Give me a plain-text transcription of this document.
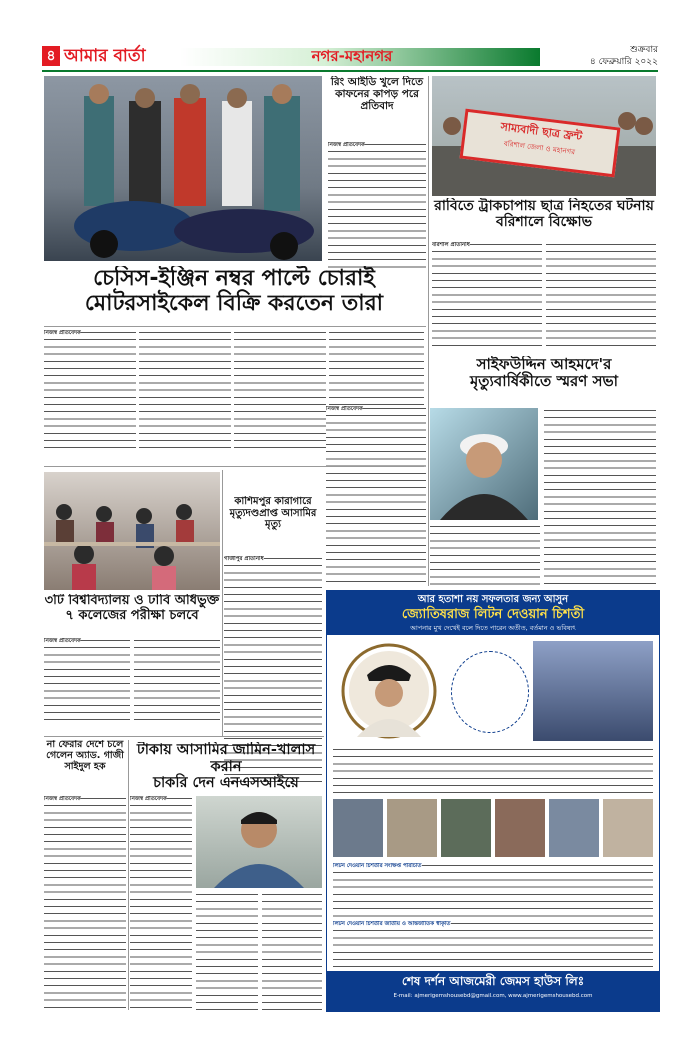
৪ আমার বার্তা	নগর-মহানগর	শুক্রবার
৪ ফেব্রুয়ারি ২০২২
রিং আইডি খুলে দিতে কাফনের কাপড় পরে প্রতিবাদ
নিজস্ব প্রতিবেদক
সাম্যবাদী ছাত্র ফ্রন্ট
বরিশাল জেলা ও মহানগর
রাবিতে ট্রাকচাপায় ছাত্র নিহতের ঘটনায় বরিশালে বিক্ষোভ
বরিশাল প্রতিনিধি
চেসিস-ইঞ্জিন নম্বর পাল্টে চোরাই
মোটরসাইকেল বিক্রি করতেন তারা
নিজস্ব প্রতিবেদক
সাইফউদ্দিন আহমদে'র
মৃত্যুবার্ষিকীতে স্মরণ সভা
নিজস্ব প্রতিবেদক
কাশিমপুর কারাগারে মৃত্যুদণ্ডপ্রাপ্ত আসামির মৃত্যু
গাজীপুর প্রতিনিধি
৩টি বিশ্ববিদ্যালয় ও ঢাবি অধিভুক্ত
৭ কলেজের পরীক্ষা চলবে
নিজস্ব প্রতিবেদক
আর হতাশা নয় সফলতার জন্য আসুন
জ্যোতিষরাজ লিটন দেওয়ান চিশতী
আপনার মুখ দেখেই বলে দিতে পারেন অতীত, বর্তমান ও ভবিষ্যৎ
লিটন দেওয়ান চিশতীর সংক্ষিপ্ত পরিচিতি
লিটন দেওয়ান চিশতীর জাতীয় ও আন্তর্জাতিক স্বীকৃতি
শেষ দর্শন আজমেরী জেমস হাউস লিঃ
E-mail: ajmerigemshousebd@gmail.com, www.ajmerigemshousebd.com
না ফেরার দেশে চলে গেলেন অ্যাড. গাজী সাইদুল হক
নিজস্ব প্রতিবেদক
টাকায় আসামির জামিন-খালাস করান
চাকরি দেন এনএসআইয়ে
নিজস্ব প্রতিবেদক
